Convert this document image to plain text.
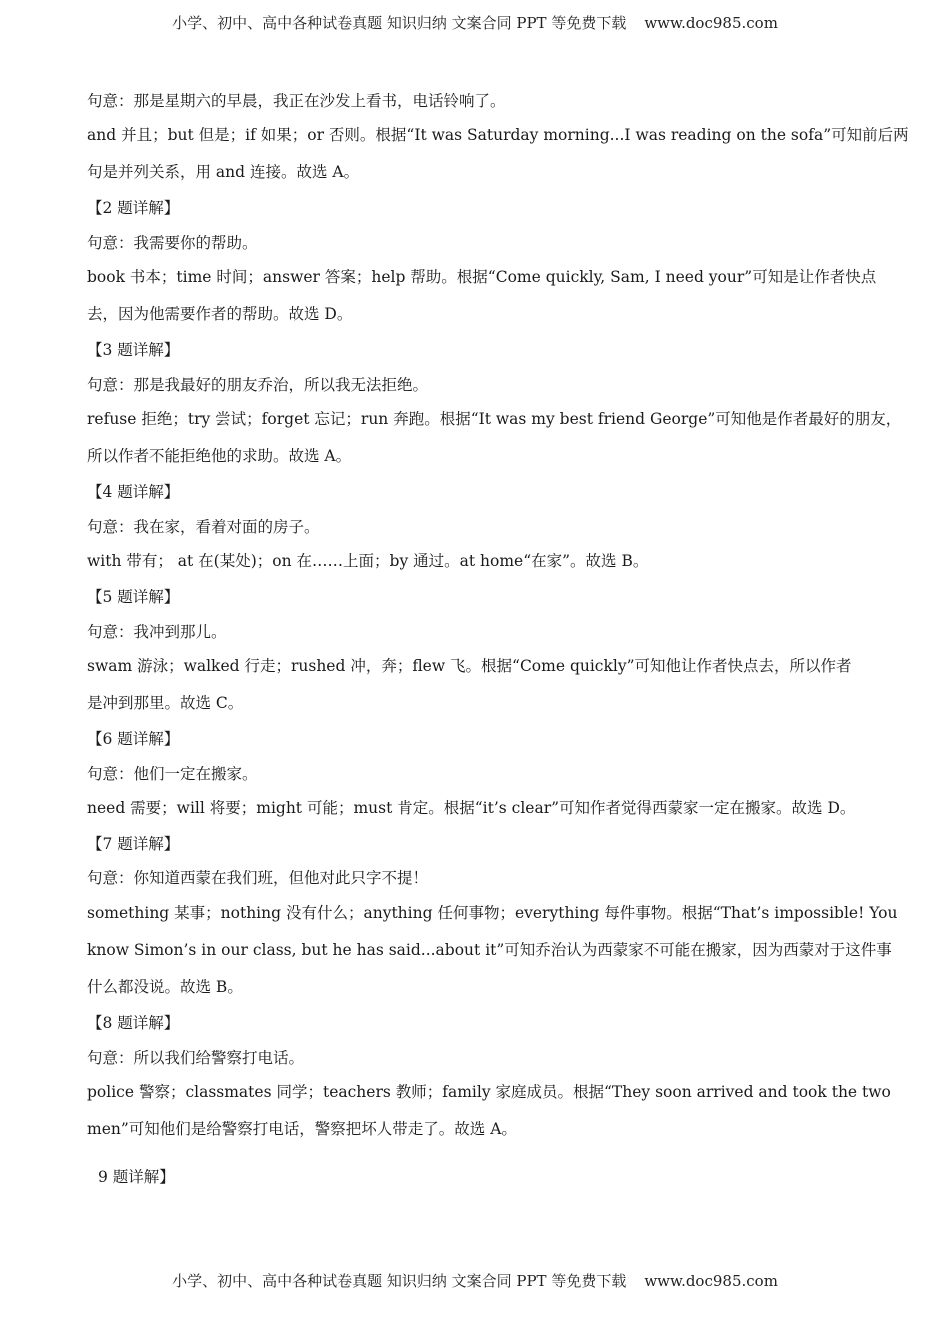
小学、初中、高中各种试卷真题 知识归纳 文案合同 PPT 等免费下载 www.doc985.com
句意：那是星期六的早晨，我正在沙发上看书，电话铃响了。
and 并且；but 但是；if 如果；or 否则。根据“It was Saturday morning...I was reading on the sofa”可知前后两
句是并列关系，用 and 连接。故选 A。
【2 题详解】
句意：我需要你的帮助。
book 书本；time 时间；answer 答案；help 帮助。根据“Come quickly, Sam, I need your”可知是让作者快点
去，因为他需要作者的帮助。故选 D。
【3 题详解】
句意：那是我最好的朋友乔治，所以我无法拒绝。
refuse 拒绝；try 尝试；forget 忘记；run 奔跑。根据“It was my best friend George”可知他是作者最好的朋友，
所以作者不能拒绝他的求助。故选 A。
【4 题详解】
句意：我在家，看着对面的房子。
with 带有； at 在(某处)；on 在……上面；by 通过。at home“在家”。故选 B。
【5 题详解】
句意：我冲到那儿。
swam 游泳；walked 行走；rushed 冲，奔；flew 飞。根据“Come quickly”可知他让作者快点去，所以作者
是冲到那里。故选 C。
【6 题详解】
句意：他们一定在搬家。
need 需要；will 将要；might 可能；must 肯定。根据“it’s clear”可知作者觉得西蒙家一定在搬家。故选 D。
【7 题详解】
句意：你知道西蒙在我们班，但他对此只字不提！
something 某事；nothing 没有什么；anything 任何事物；everything 每件事物。根据“That’s impossible! You
know Simon’s in our class, but he has said...about it”可知乔治认为西蒙家不可能在搬家，因为西蒙对于这件事
什么都没说。故选 B。
【8 题详解】
句意：所以我们给警察打电话。
police 警察；classmates 同学；teachers 教师；family 家庭成员。根据“They soon arrived and took the two
men”可知他们是给警察打电话，警察把坏人带走了。故选 A。
9 题详解】
小学、初中、高中各种试卷真题 知识归纳 文案合同 PPT 等免费下载 www.doc985.com
